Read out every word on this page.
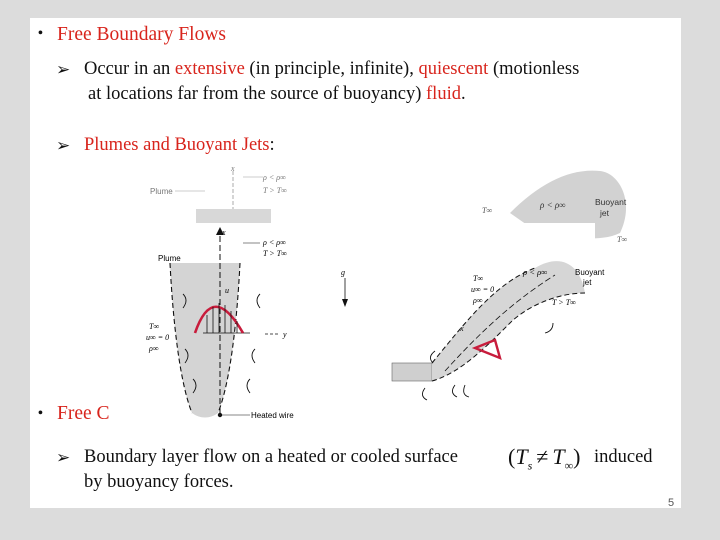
• Free Boundary Flows
➢ Occur in an extensive (in principle, infinite), quiescent (motionless
at locations far from the source of buoyancy) fluid.
➢ Plumes and Buoyant Jets:
Plume
x
ρ < ρ∞
T > T∞
Buoyant
jet
ρ < ρ∞
T∞
T∞
x
Plume
ρ < ρ∞
T > T∞
u
y
T∞
u∞ = 0
ρ∞
Heated wire
g
x
ρ < ρ∞
T > T∞
Buoyant
jet
T∞
u∞ = 0
ρ∞
• Free C
➢ Boundary layer flow on a heated or cooled surface $(T_s \ne T_\infty)$ induced
by buoyancy forces.
5
